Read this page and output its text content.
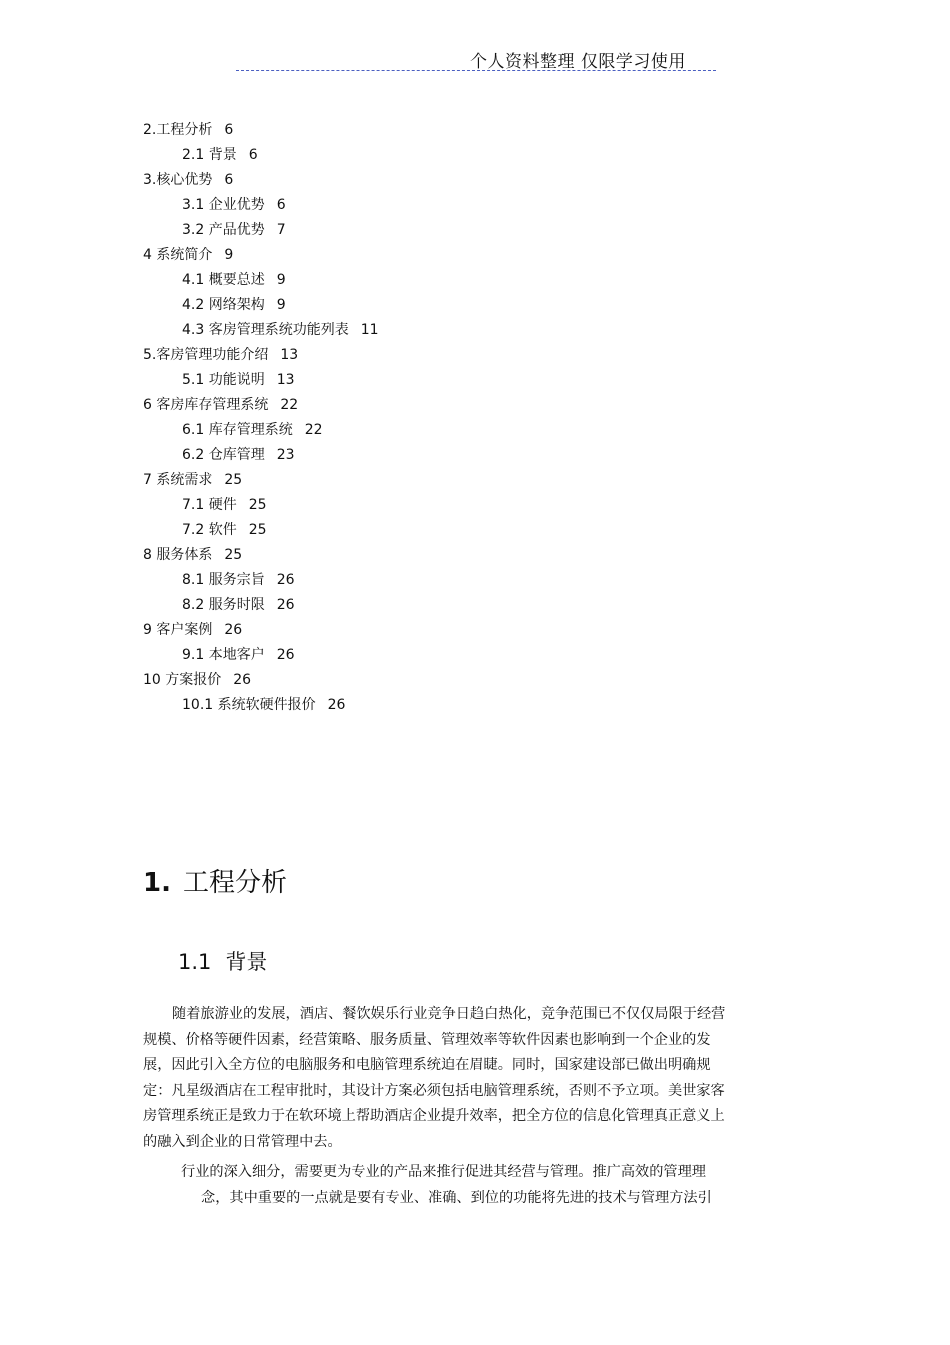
个人资料整理 仅限学习使用
2.工程分析 6
2.1 背景 6
3.核心优势 6
3.1 企业优势 6
3.2 产品优势 7
4 系统简介 9
4.1 概要总述 9
4.2 网络架构 9
4.3 客房管理系统功能列表 11
5.客房管理功能介绍 13
5.1 功能说明 13
6 客房库存管理系统 22
6.1 库存管理系统 22
6.2 仓库管理 23
7 系统需求 25
7.1 硬件 25
7.2 软件 25
8 服务体系 25
8.1 服务宗旨 26
8.2 服务时限 26
9 客户案例 26
9.1 本地客户 26
10 方案报价 26
10.1 系统软硬件报价 26
1. 工程分析
1.1 背景
随着旅游业的发展，酒店、餐饮娱乐行业竞争日趋白热化，竞争范围已不仅仅局限于经营规模、价格等硬件因素，经营策略、服务质量、管理效率等软件因素也影响到一个企业的发展，因此引入全方位的电脑服务和电脑管理系统迫在眉睫。同时，国家建设部已做出明确规定：凡星级酒店在工程审批时，其设计方案必须包括电脑管理系统，否则不予立项。美世家客房管理系统正是致力于在软环境上帮助酒店企业提升效率，把全方位的信息化管理真正意义上的融入到企业的日常管理中去。
行业的深入细分，需要更为专业的产品来推行促进其经营与管理。推广高效的管理理
念，其中重要的一点就是要有专业、准确、到位的功能将先进的技术与管理方法引
